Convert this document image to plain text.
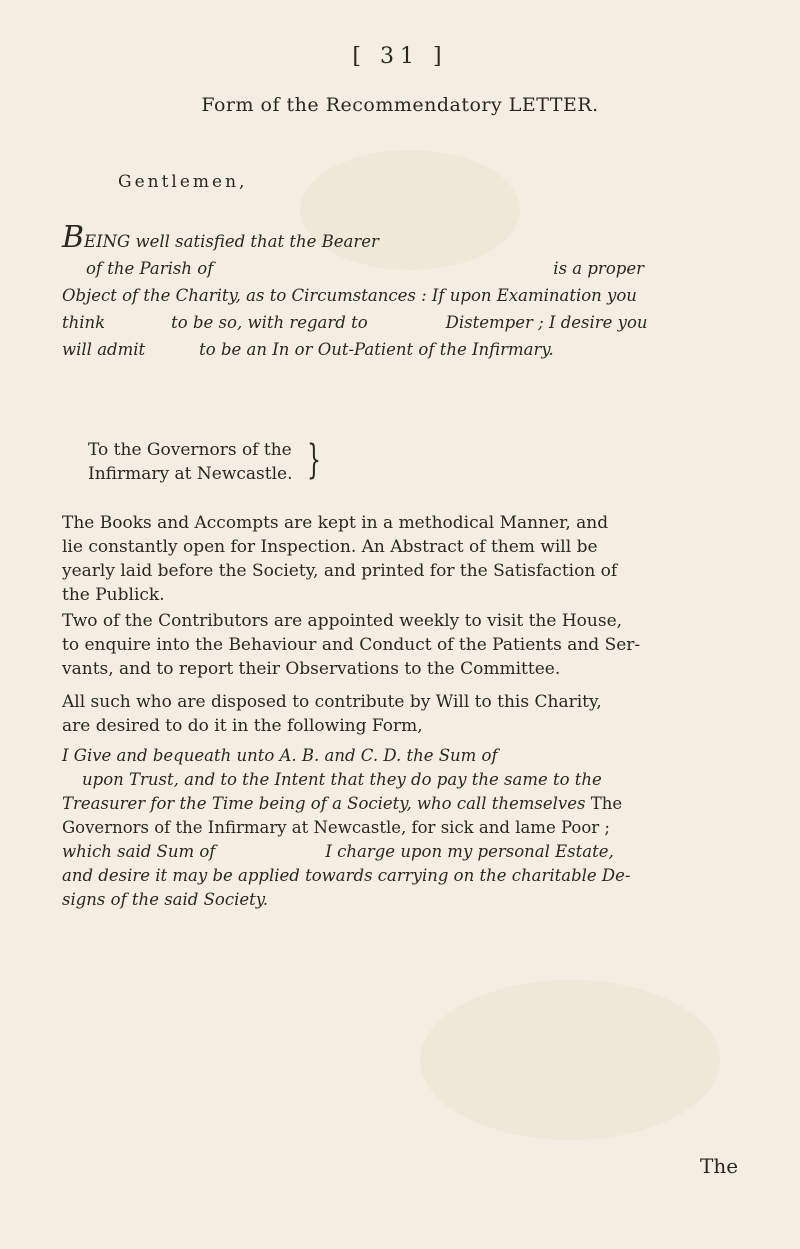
[ 31 ]
Form of the Recommendatory LETTER.
Gentlemen,
BEING well satisfied that the Bearer
of the Parish of	is a proper
Object of the Charity, as to Circumstances : If upon Examination you
think	to be so, with regard to	Distemper ; I desire you
will admit	to be an In or Out-Patient of the Infirmary.
To the Governors of the
Infirmary at Newcastle. }
The Books and Accompts are kept in a methodical Manner, and
lie constantly open for Inspection. An Abstract of them will be
yearly laid before the Society, and printed for the Satisfaction of
the Publick.
Two of the Contributors are appointed weekly to visit the House,
to enquire into the Behaviour and Conduct of the Patients and Ser-
vants, and to report their Observations to the Committee.
All such who are disposed to contribute by Will to this Charity,
are desired to do it in the following Form,
I Give and bequeath unto A. B. and C. D. the Sum of
upon Trust, and to the Intent that they do pay the same to the
Treasurer for the Time being of a Society, who call themselves The
Governors of the Infirmary at Newcastle, for sick and lame Poor ;
which said Sum of	I charge upon my personal Estate,
and desire it may be applied towards carrying on the charitable De-
signs of the said Society.
The
